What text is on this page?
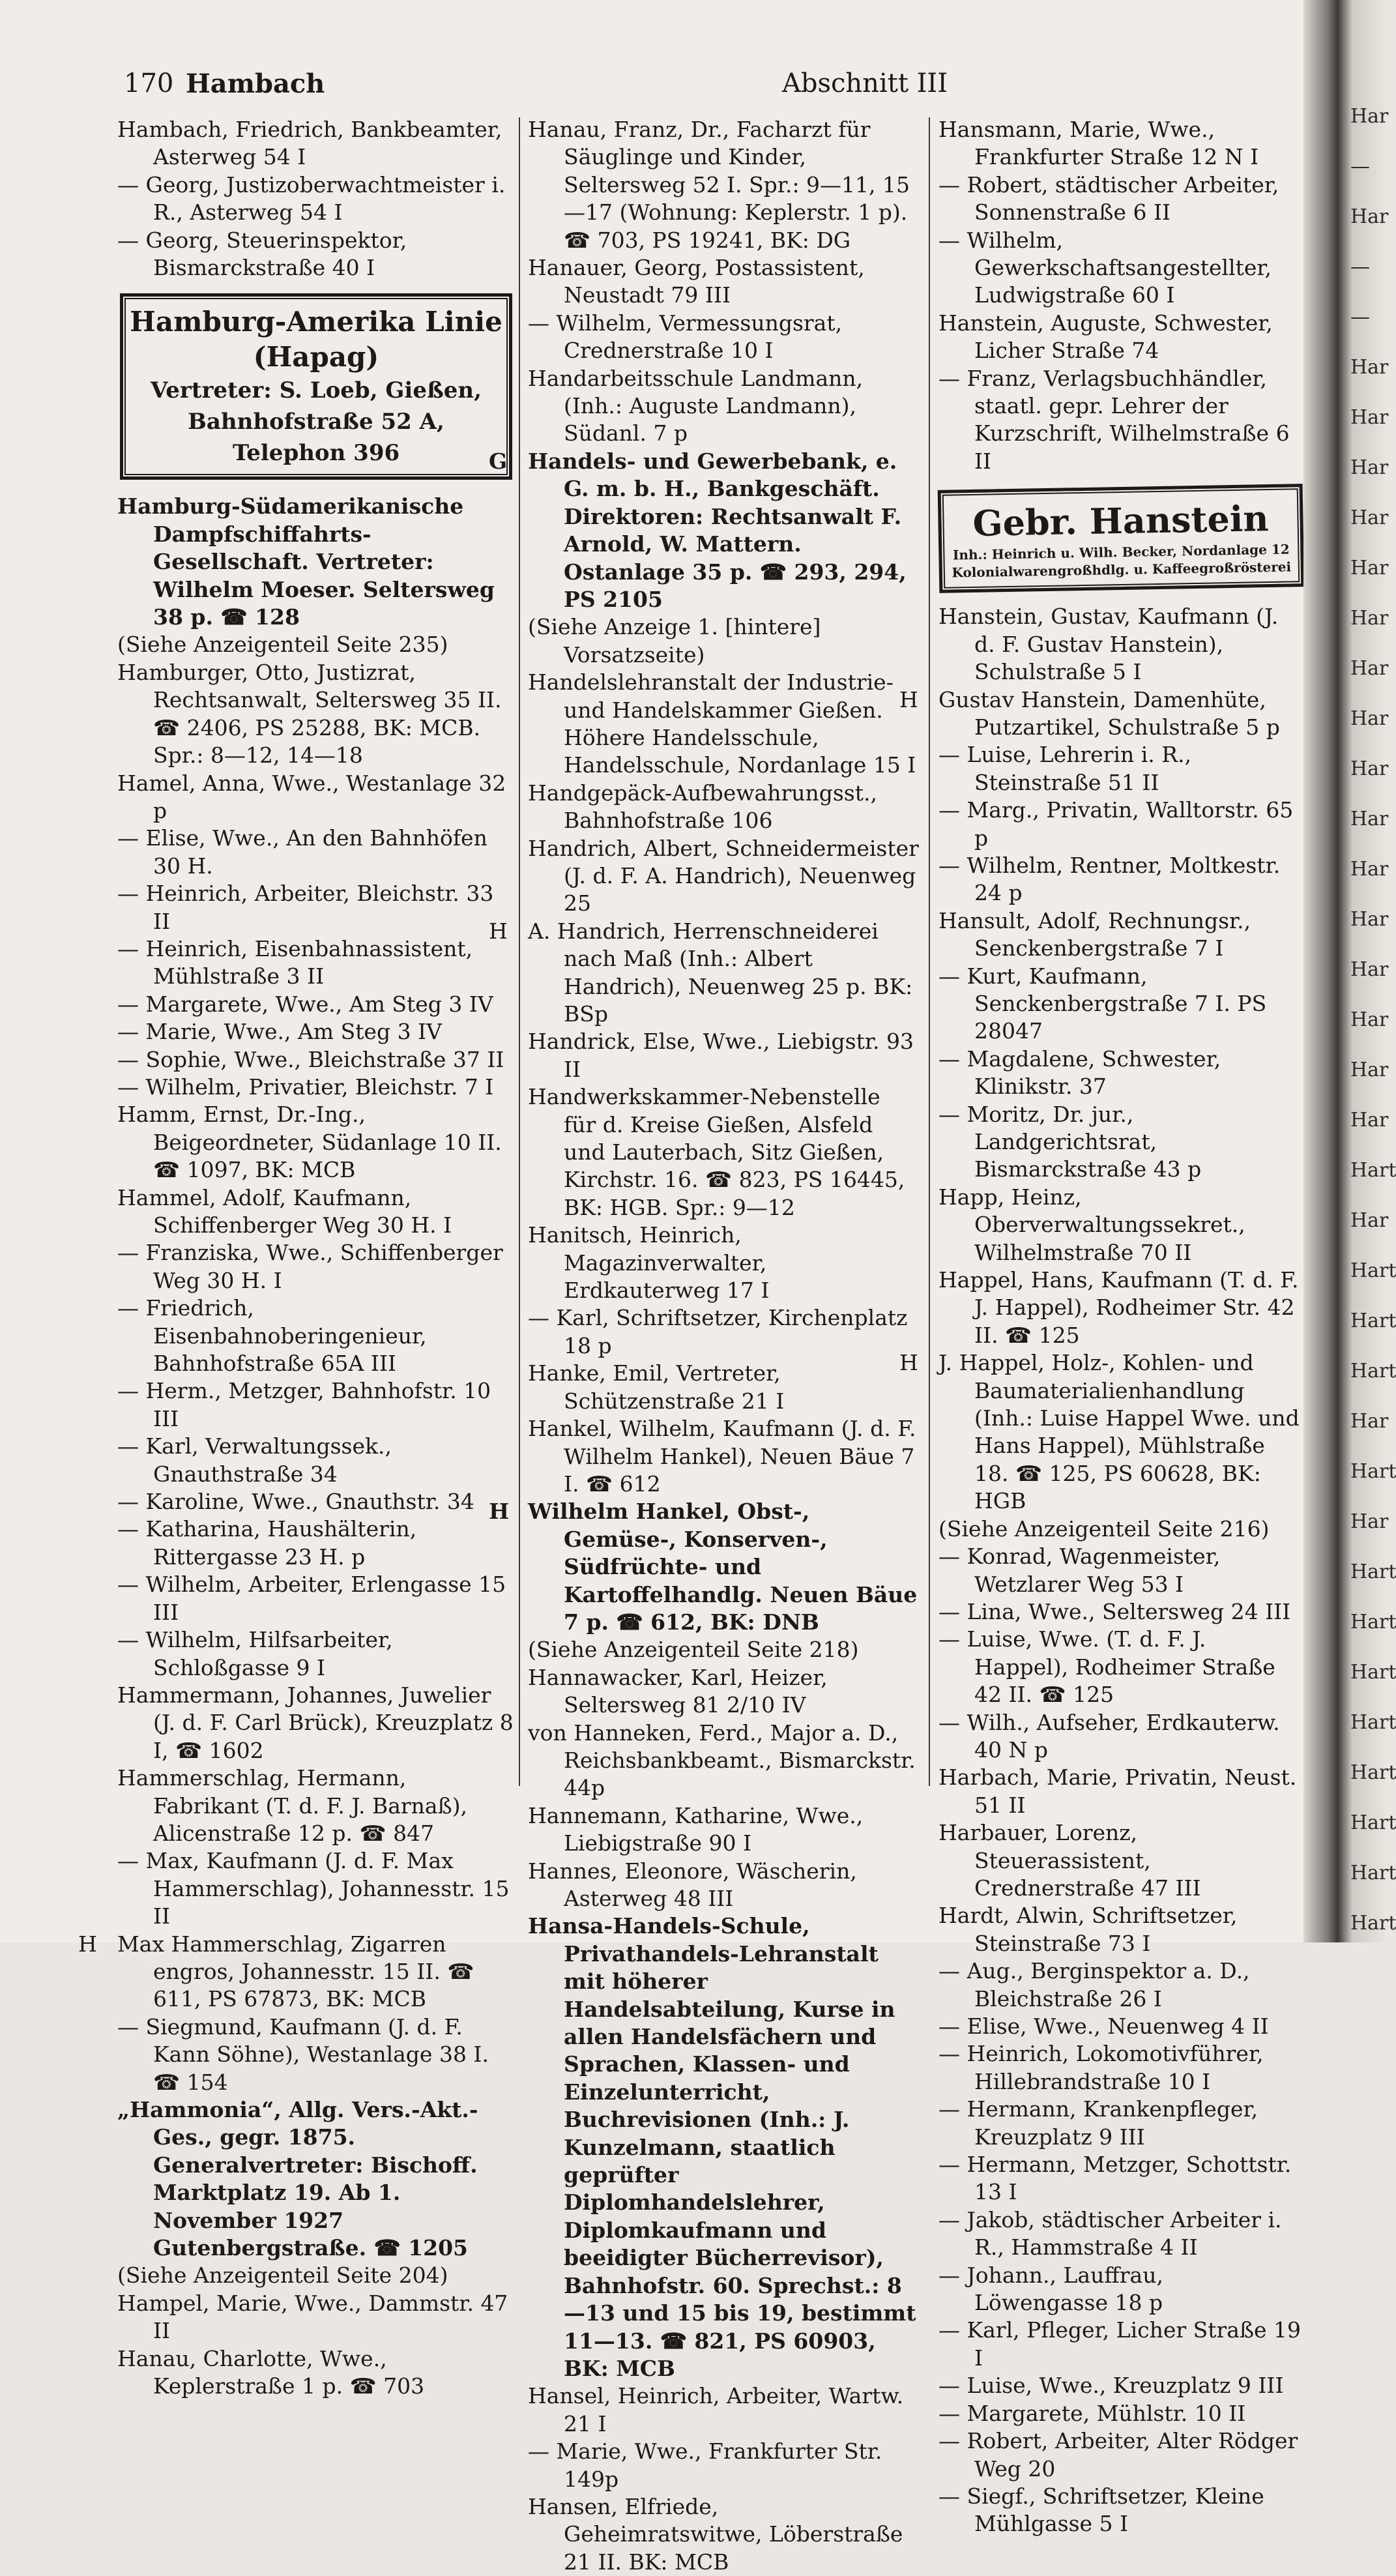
170 Hambach	Abschnitt III
Hambach, Friedrich, Bankbeamter, Asterweg 54 I
— Georg, Justizoberwachtmeister i. R., Asterweg 54 I
— Georg, Steuerinspektor, Bismarckstraße 40 I
Hamburg-Amerika Linie (Hapag)
Vertreter: S. Loeb, Gießen,
Bahnhofstraße 52 A, Telephon 396
Hamburg-Südamerikanische Dampfschiffahrts-Gesellschaft. Vertreter: Wilhelm Moeser. Seltersweg 38 p. ☎ 128
(Siehe Anzeigenteil Seite 235)
Hamburger, Otto, Justizrat, Rechtsanwalt, Seltersweg 35 II. ☎ 2406, PS 25288, BK: MCB. Spr.: 8—12, 14—18
Hamel, Anna, Wwe., Westanlage 32 p
— Elise, Wwe., An den Bahnhöfen 30 H.
— Heinrich, Arbeiter, Bleichstr. 33 II
— Heinrich, Eisenbahnassistent, Mühlstraße 3 II
— Margarete, Wwe., Am Steg 3 IV
— Marie, Wwe., Am Steg 3 IV
— Sophie, Wwe., Bleichstraße 37 II
— Wilhelm, Privatier, Bleichstr. 7 I
Hamm, Ernst, Dr.-Ing., Beigeordneter, Südanlage 10 II. ☎ 1097, BK: MCB
Hammel, Adolf, Kaufmann, Schiffenberger Weg 30 H. I
— Franziska, Wwe., Schiffenberger Weg 30 H. I
— Friedrich, Eisenbahnoberingenieur, Bahnhofstraße 65A III
— Herm., Metzger, Bahnhofstr. 10 III
— Karl, Verwaltungssek., Gnauthstraße 34
— Karoline, Wwe., Gnauthstr. 34
— Katharina, Haushälterin, Rittergasse 23 H. p
— Wilhelm, Arbeiter, Erlengasse 15 III
— Wilhelm, Hilfsarbeiter, Schloßgasse 9 I
Hammermann, Johannes, Juwelier (J. d. F. Carl Brück), Kreuzplatz 8 I, ☎ 1602
Hammerschlag, Hermann, Fabrikant (T. d. F. J. Barnaß), Alicenstraße 12 p. ☎ 847
— Max, Kaufmann (J. d. F. Max Hammerschlag), Johannesstr. 15 II
H Max Hammerschlag, Zigarren engros, Johannesstr. 15 II. ☎ 611, PS 67873, BK: MCB
— Siegmund, Kaufmann (J. d. F. Kann Söhne), Westanlage 38 I. ☎ 154
„Hammonia“, Allg. Vers.-Akt.-Ges., gegr. 1875. Generalvertreter: Bischoff. Marktplatz 19. Ab 1. November 1927 Gutenbergstraße. ☎ 1205
(Siehe Anzeigenteil Seite 204)
Hampel, Marie, Wwe., Dammstr. 47 II
Hanau, Charlotte, Wwe., Keplerstraße 1 p. ☎ 703
Hanau, Franz, Dr., Facharzt für Säuglinge und Kinder, Seltersweg 52 I. Spr.: 9—11, 15—17 (Wohnung: Keplerstr. 1 p). ☎ 703, PS 19241, BK: DG
Hanauer, Georg, Postassistent, Neustadt 79 III
— Wilhelm, Vermessungsrat, Crednerstraße 10 I
Handarbeitsschule Landmann, (Inh.: Auguste Landmann), Südanl. 7 p
G Handels- und Gewerbebank, e. G. m. b. H., Bankgeschäft. Direktoren: Rechtsanwalt F. Arnold, W. Mattern. Ostanlage 35 p. ☎ 293, 294, PS 2105
(Siehe Anzeige 1. [hintere] Vorsatzseite)
Handelslehranstalt der Industrie- und Handelskammer Gießen. Höhere Handelsschule, Handelsschule, Nordanlage 15 I
Handgepäck-Aufbewahrungsst., Bahnhofstraße 106
Handrich, Albert, Schneidermeister (J. d. F. A. Handrich), Neuenweg 25
H A. Handrich, Herrenschneiderei nach Maß (Inh.: Albert Handrich), Neuenweg 25 p. BK: BSp
Handrick, Else, Wwe., Liebigstr. 93 II
Handwerkskammer-Nebenstelle für d. Kreise Gießen, Alsfeld und Lauterbach, Sitz Gießen, Kirchstr. 16. ☎ 823, PS 16445, BK: HGB. Spr.: 9—12
Hanitsch, Heinrich, Magazinverwalter, Erdkauterweg 17 I
— Karl, Schriftsetzer, Kirchenplatz 18 p
Hanke, Emil, Vertreter, Schützenstraße 21 I
Hankel, Wilhelm, Kaufmann (J. d. F. Wilhelm Hankel), Neuen Bäue 7 I. ☎ 612
H Wilhelm Hankel, Obst-, Gemüse-, Konserven-, Südfrüchte- und Kartoffelhandlg. Neuen Bäue 7 p. ☎ 612, BK: DNB
(Siehe Anzeigenteil Seite 218)
Hannawacker, Karl, Heizer, Seltersweg 81 2/10 IV
von Hanneken, Ferd., Major a. D., Reichsbankbeamt., Bismarckstr. 44p
Hannemann, Katharine, Wwe., Liebigstraße 90 I
Hannes, Eleonore, Wäscherin, Asterweg 48 III
Hansa-Handels-Schule, Privathandels-Lehranstalt mit höherer Handelsabteilung, Kurse in allen Handelsfächern und Sprachen, Klassen- und Einzelunterricht, Buchrevisionen (Inh.: J. Kunzelmann, staatlich geprüfter Diplomhandelslehrer, Diplomkaufmann und beeidigter Bücherrevisor), Bahnhofstr. 60. Sprechst.: 8—13 und 15 bis 19, bestimmt 11—13. ☎ 821, PS 60903, BK: MCB
Hansel, Heinrich, Arbeiter, Wartw. 21 I
— Marie, Wwe., Frankfurter Str. 149p
Hansen, Elfriede, Geheimratswitwe, Löberstraße 21 II. BK: MCB
Hansmann, Marie, Wwe., Frankfurter Straße 12 N I
— Robert, städtischer Arbeiter, Sonnenstraße 6 II
— Wilhelm, Gewerkschaftsangestellter, Ludwigstraße 60 I
Hanstein, Auguste, Schwester, Licher Straße 74
— Franz, Verlagsbuchhändler, staatl. gepr. Lehrer der Kurzschrift, Wilhelmstraße 6 II
Gebr. Hanstein
Inh.: Heinrich u. Wilh. Becker, Nordanlage 12
Kolonialwarengroßhdlg. u. Kaffeegroßrösterei
Hanstein, Gustav, Kaufmann (J. d. F. Gustav Hanstein), Schulstraße 5 I
H Gustav Hanstein, Damenhüte, Putzartikel, Schulstraße 5 p
— Luise, Lehrerin i. R., Steinstraße 51 II
— Marg., Privatin, Walltorstr. 65 p
— Wilhelm, Rentner, Moltkestr. 24 p
Hansult, Adolf, Rechnungsr., Senckenbergstraße 7 I
— Kurt, Kaufmann, Senckenbergstraße 7 I. PS 28047
— Magdalene, Schwester, Klinikstr. 37
— Moritz, Dr. jur., Landgerichtsrat, Bismarckstraße 43 p
Happ, Heinz, Oberverwaltungssekret., Wilhelmstraße 70 II
Happel, Hans, Kaufmann (T. d. F. J. Happel), Rodheimer Str. 42 II. ☎ 125
H J. Happel, Holz-, Kohlen- und Baumaterialienhandlung (Inh.: Luise Happel Wwe. und Hans Happel), Mühlstraße 18. ☎ 125, PS 60628, BK: HGB
(Siehe Anzeigenteil Seite 216)
— Konrad, Wagenmeister, Wetzlarer Weg 53 I
— Lina, Wwe., Seltersweg 24 III
— Luise, Wwe. (T. d. F. J. Happel), Rodheimer Straße 42 II. ☎ 125
— Wilh., Aufseher, Erdkauterw. 40 N p
Harbach, Marie, Privatin, Neust. 51 II
Harbauer, Lorenz, Steuerassistent, Crednerstraße 47 III
Hardt, Alwin, Schriftsetzer, Steinstraße 73 I
— Aug., Berginspektor a. D., Bleichstraße 26 I
— Elise, Wwe., Neuenweg 4 II
— Heinrich, Lokomotivführer, Hillebrandstraße 10 I
— Hermann, Krankenpfleger, Kreuzplatz 9 III
— Hermann, Metzger, Schottstr. 13 I
— Jakob, städtischer Arbeiter i. R., Hammstraße 4 II
— Johann., Lauffrau, Löwengasse 18 p
— Karl, Pfleger, Licher Straße 19 I
— Luise, Wwe., Kreuzplatz 9 III
— Margarete, Mühlstr. 10 II
— Robert, Arbeiter, Alter Rödger Weg 20
— Siegf., Schriftsetzer, Kleine Mühlgasse 5 I
Har
—
Har
—
—
Har
Har
Har
Har
Har
Har
Har
Har
Har
Har
Har
Har
Har
Har
Har
Har
Hart
Har
Hart
Hart
Hart
Har
Hart
Har
Hart
Hart
Hart
Hart
Hart
Hart
Hart
Hart
